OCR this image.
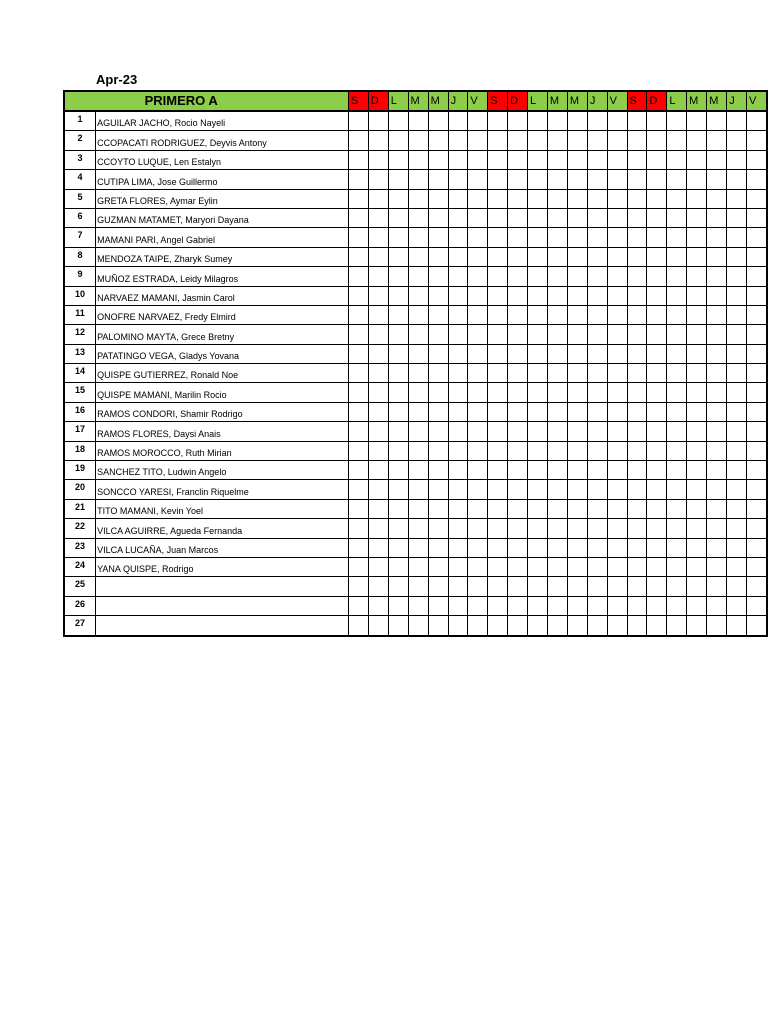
Apr-23
	PRIMERO A	S	D	L	M	M	J	V	S	D	L	M	M	J	V	S	D	L	M	M	J	V
1	AGUILAR JACHO, Rocio Nayeli																					
2	CCOPACATI RODRIGUEZ, Deyvis Antony																					
3	CCOYTO LUQUE, Len Estalyn																					
4	CUTIPA LIMA, Jose Guillermo																					
5	GRETA FLORES, Aymar Eylin																					
6	GUZMAN MATAMET, Maryori Dayana																					
7	MAMANI PARI, Angel Gabriel																					
8	MENDOZA TAIPE, Zharyk Sumey																					
9	MUÑOZ ESTRADA, Leidy Milagros																					
10	NARVAEZ MAMANI, Jasmin Carol																					
11	ONOFRE NARVAEZ, Fredy Elmird																					
12	PALOMINO MAYTA, Grece Bretny																					
13	PATATINGO VEGA, Gladys Yovana																					
14	QUISPE GUTIERREZ, Ronald Noe																					
15	QUISPE MAMANI, Marilin Rocio																					
16	RAMOS CONDORI, Shamir Rodrigo																					
17	RAMOS FLORES, Daysi Anais																					
18	RAMOS MOROCCO, Ruth Mirian																					
19	SANCHEZ TITO, Ludwin Angelo																					
20	SONCCO YARESI, Franclin Riquelme																					
21	TITO MAMANI, Kevin Yoel																					
22	VILCA AGUIRRE, Agueda Fernanda																					
23	VILCA LUCAÑA, Juan Marcos																					
24	YANA QUISPE, Rodrigo																					
25																						
26																						
27																						
